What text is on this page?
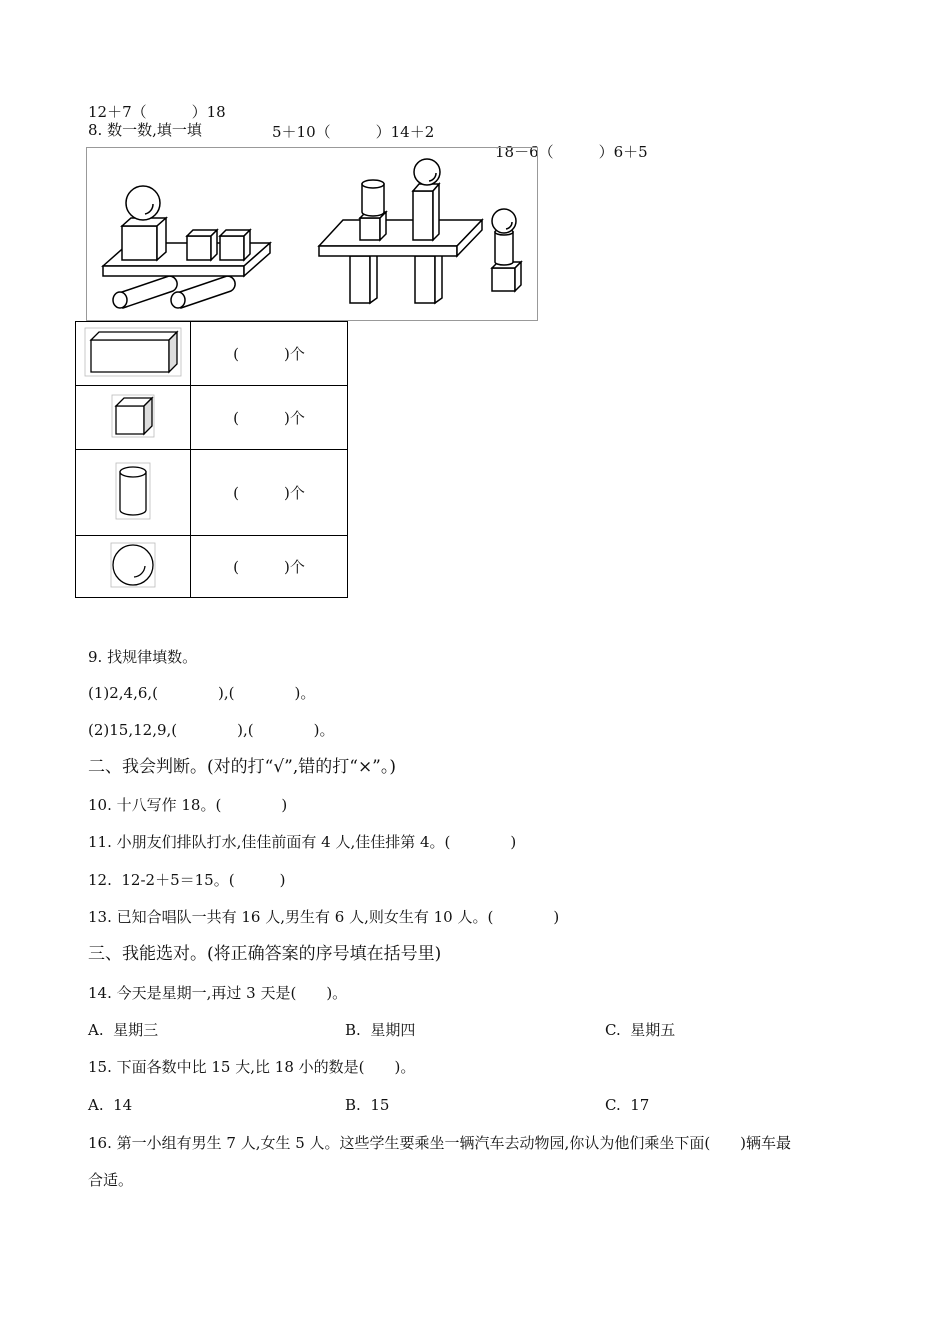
12＋7（　　　）18

5＋10（　　　）14＋2

18－6（　　　）6＋5

8. 数一数,填一填
	(　　　)个
	(　　　)个
	(　　　)个
	(　　　)个
9. 找规律填数。
(1)2,4,6,(　　　　),(　　　　)。
(2)15,12,9,(　　　　),(　　　　)。
二、我会判断。(对的打“√”,错的打“×”。)
10. 十八写作 18。(　　　　)
11. 小朋友们排队打水,佳佳前面有 4 人,佳佳排第 4。(　　　　)
12.  12-2＋5＝15。(　　　)
13. 已知合唱队一共有 16 人,男生有 6 人,则女生有 10 人。(　　　　)
三、我能选对。(将正确答案的序号填在括号里)
14. 今天是星期一,再过 3 天是(　　)。
A.  星期三	B.  星期四	C.  星期五
15. 下面各数中比 15 大,比 18 小的数是(　　)。
A.  14	B.  15	C.  17
16. 第一小组有男生 7 人,女生 5 人。这些学生要乘坐一辆汽车去动物园,你认为他们乘坐下面(　　)辆车最
合适。
